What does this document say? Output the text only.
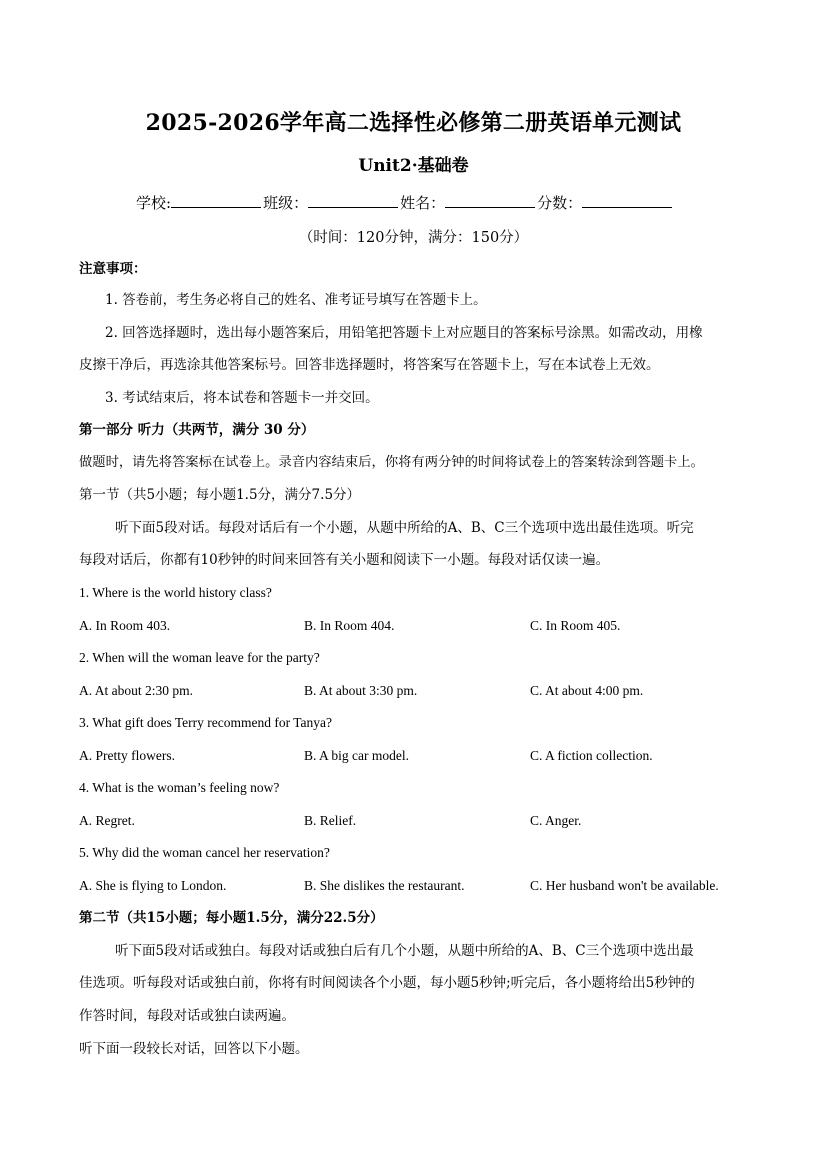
2025-2026学年高二选择性必修第二册英语单元测试
Unit2·基础卷
学校:	班级：	姓名：	分数：
（时间：120分钟，满分：150分）
注意事项：
1. 答卷前，考生务必将自己的姓名、准考证号填写在答题卡上。
2. 回答选择题时，选出每小题答案后，用铅笔把答题卡上对应题目的答案标号涂黑。如需改动，用橡
皮擦干净后，再选涂其他答案标号。回答非选择题时，将答案写在答题卡上，写在本试卷上无效。
3. 考试结束后，将本试卷和答题卡一并交回。
第一部分 听力（共两节，满分 30 分）
做题时，请先将答案标在试卷上。录音内容结束后，你将有两分钟的时间将试卷上的答案转涂到答题卡上。
第一节（共5小题；每小题1.5分，满分7.5分）
听下面5段对话。每段对话后有一个小题，从题中所给的A、B、C三个选项中选出最佳选项。听完
每段对话后，你都有10秒钟的时间来回答有关小题和阅读下一小题。每段对话仅读一遍。
1. Where is the world history class?
A. In Room 403.	B. In Room 404.	C. In Room 405.
2. When will the woman leave for the party?
A. At about 2:30 pm.	B. At about 3:30 pm.	C. At about 4:00 pm.
3. What gift does Terry recommend for Tanya?
A. Pretty flowers.	B. A big car model.	C. A fiction collection.
4. What is the woman’s feeling now?
A. Regret.	B. Relief.	C. Anger.
5. Why did the woman cancel her reservation?
A. She is flying to London.	B. She dislikes the restaurant.	C. Her husband won't be available.
第二节（共15小题；每小题1.5分，满分22.5分）
听下面5段对话或独白。每段对话或独白后有几个小题，从题中所给的A、B、C三个选项中选出最
佳选项。听每段对话或独白前，你将有时间阅读各个小题，每小题5秒钟;听完后，各小题将给出5秒钟的
作答时间，每段对话或独白读两遍。
听下面一段较长对话，回答以下小题。
